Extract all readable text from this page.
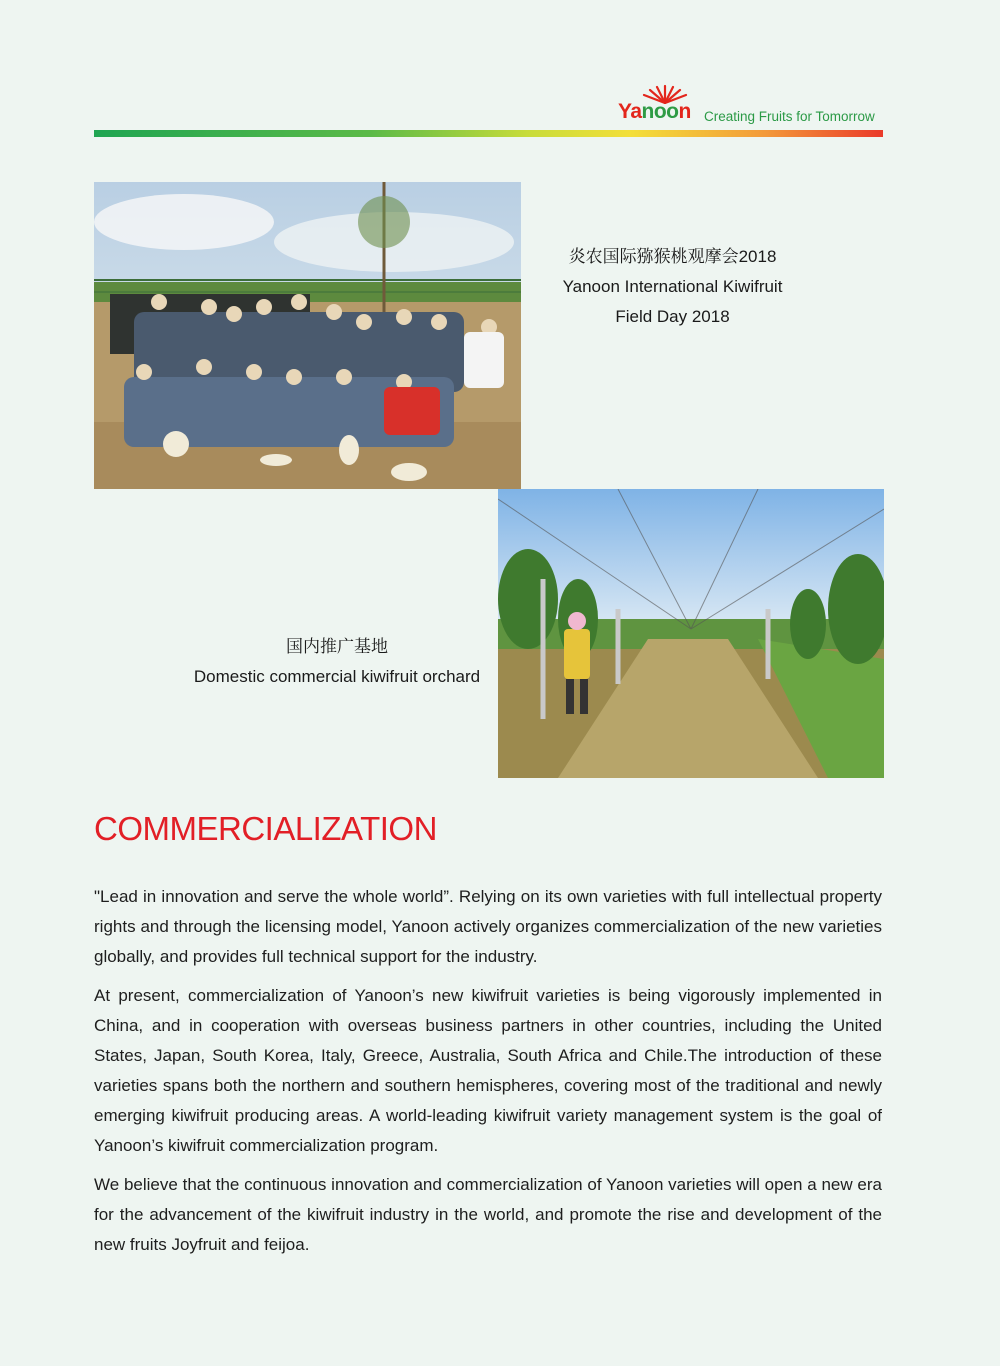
Yanoon Creating Fruits for Tomorrow
炎农国际猕猴桃观摩会2018
Yanoon International Kiwifruit
Field Day 2018
国内推广基地
Domestic commercial kiwifruit orchard
COMMERCIALIZATION

"Lead in innovation and serve the whole world”. Relying on its own varieties with full intellectual property rights and through the licensing model, Yanoon actively organizes commercialization of the new varieties globally, and provides full technical support for the industry.

At present, commercialization of Yanoon’s new kiwifruit varieties is being vigorously implemented in China, and in cooperation with overseas business partners in other countries, including the United States, Japan, South Korea, Italy, Greece, Australia, South Africa and Chile.The introduction of these varieties spans both the northern and southern hemispheres, covering most of the traditional and newly emerging kiwifruit producing areas. A world-leading kiwifruit variety management system is the goal of Yanoon’s kiwifruit commercialization program.

We believe that the continuous innovation and commercialization of Yanoon varieties will open a new era for the advancement of the kiwifruit industry in the world, and promote the rise and development of the new fruits Joyfruit and feijoa.
